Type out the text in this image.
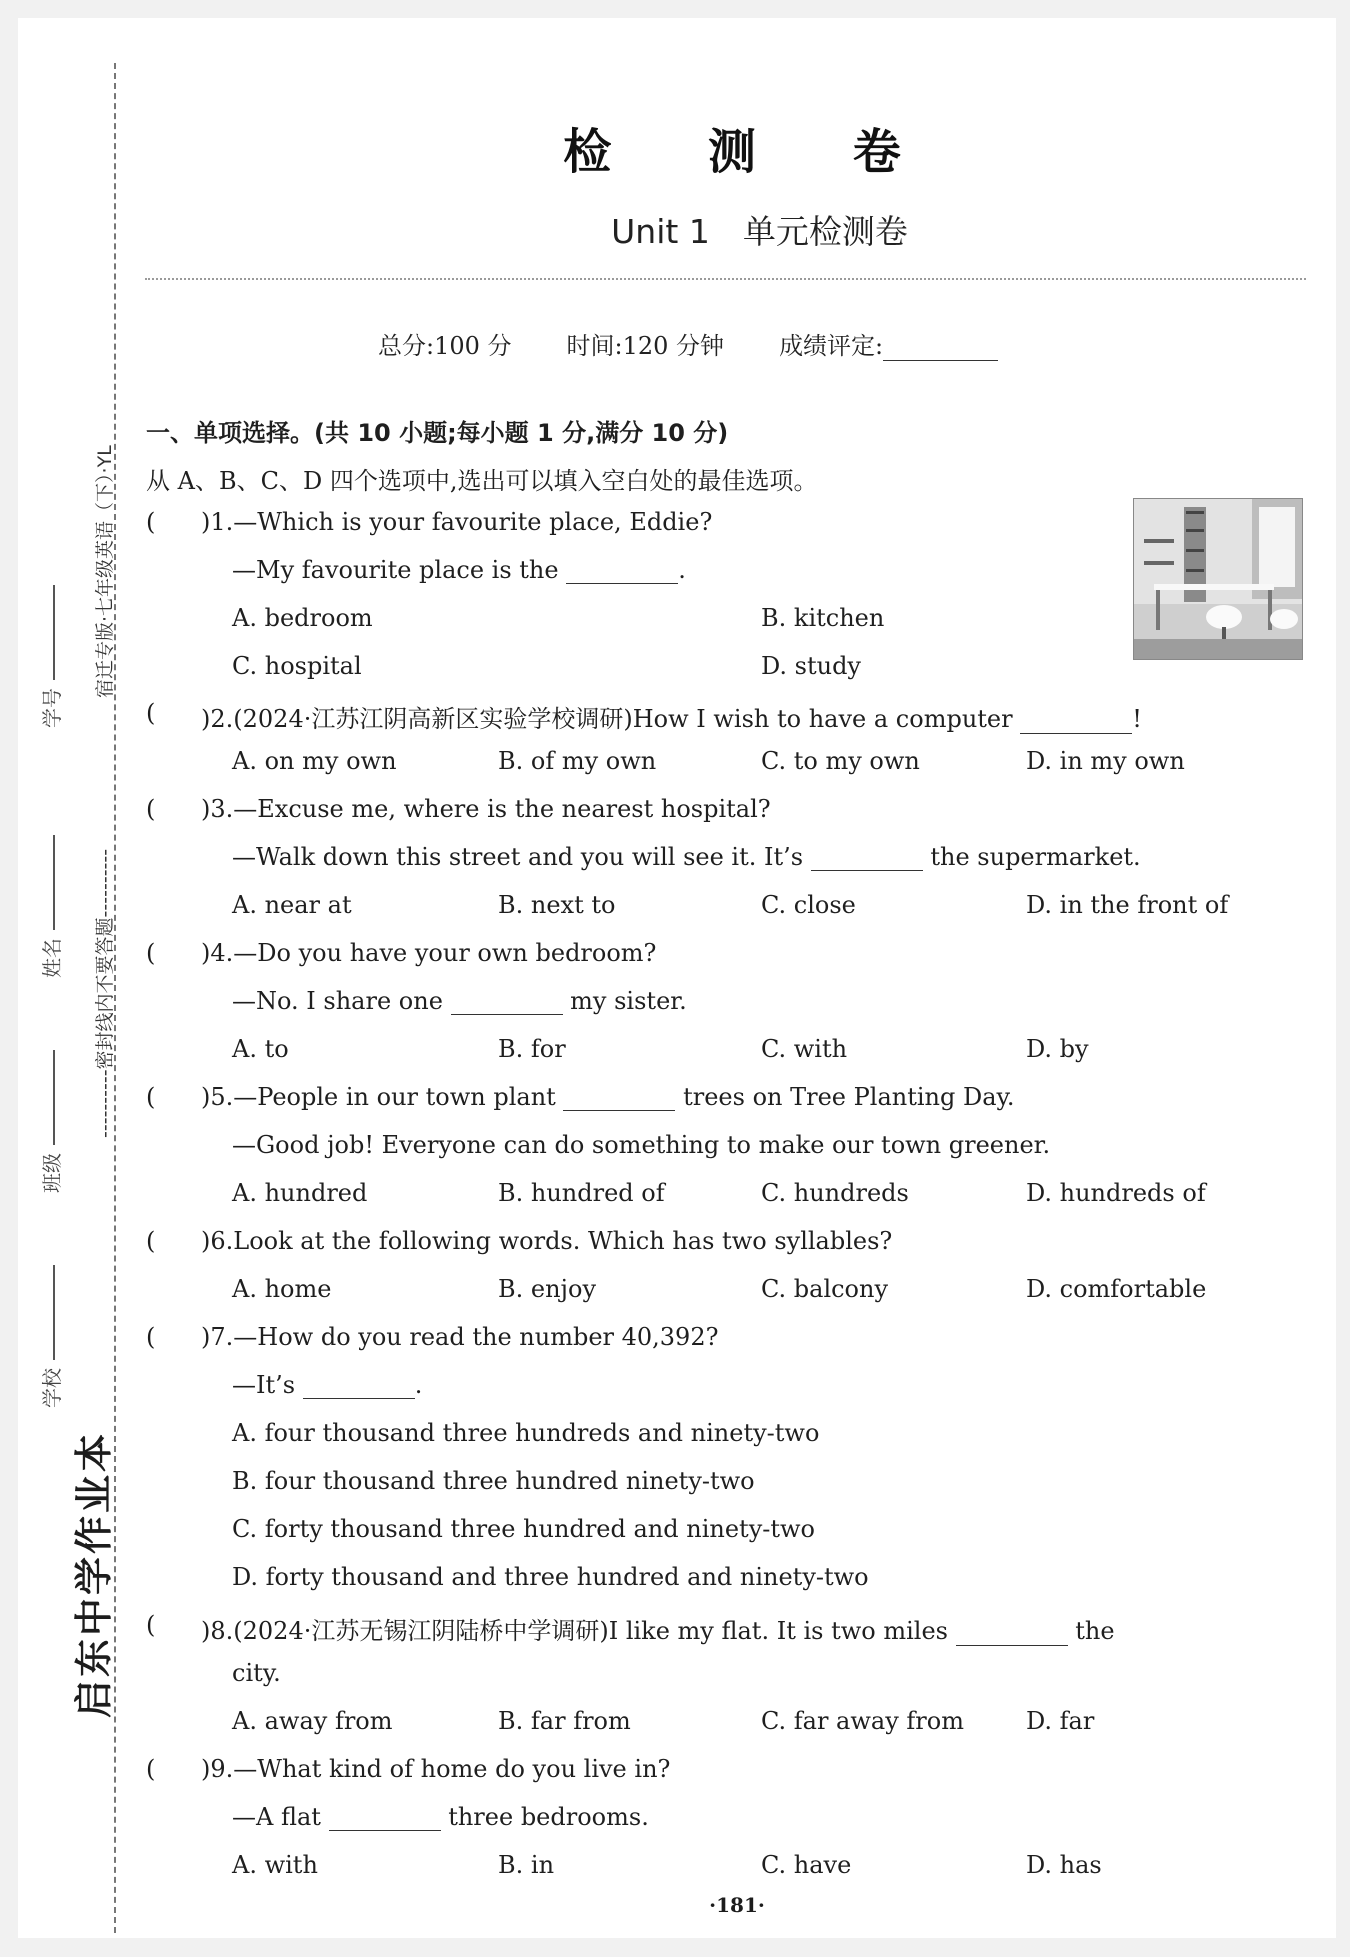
启东中学作业本
----------密封线内不要答题----------
宿迁专版·七年级英语（下）·YL
学校
班级
姓名
学号
检 测 卷
Unit 1　单元检测卷
总分:100 分 时间:120 分钟 成绩评定:
一、单项选择。(共 10 小题;每小题 1 分,满分 10 分)
从 A、B、C、D 四个选项中,选出可以填入空白处的最佳选项。
( )1.—Which is your favourite place, Eddie?
—My favourite place is the	.
A. bedroom	B. kitchen
C. hospital	D. study
( )2.(2024·江苏江阴高新区实验学校调研)How I wish to have a computer	!
A. on my own	B. of my own	C. to my own	D. in my own
( )3.—Excuse me, where is the nearest hospital?
—Walk down this street and you will see it. It’s	the supermarket.
A. near at	B. next to	C. close	D. in the front of
( )4.—Do you have your own bedroom?
—No. I share one	my sister.
A. to	B. for	C. with	D. by
( )5.—People in our town plant	trees on Tree Planting Day.
—Good job! Everyone can do something to make our town greener.
A. hundred	B. hundred of	C. hundreds	D. hundreds of
( )6.Look at the following words. Which has two syllables?
A. home	B. enjoy	C. balcony	D. comfortable
( )7.—How do you read the number 40,392?
—It’s	.
A. four thousand three hundreds and ninety-two
B. four thousand three hundred ninety-two
C. forty thousand three hundred and ninety-two
D. forty thousand and three hundred and ninety-two
( )8.(2024·江苏无锡江阴陆桥中学调研)I like my flat. It is two miles	the
city.
A. away from	B. far from	C. far away from	D. far
( )9.—What kind of home do you live in?
—A flat	three bedrooms.
A. with	B. in	C. have	D. has
·181·
